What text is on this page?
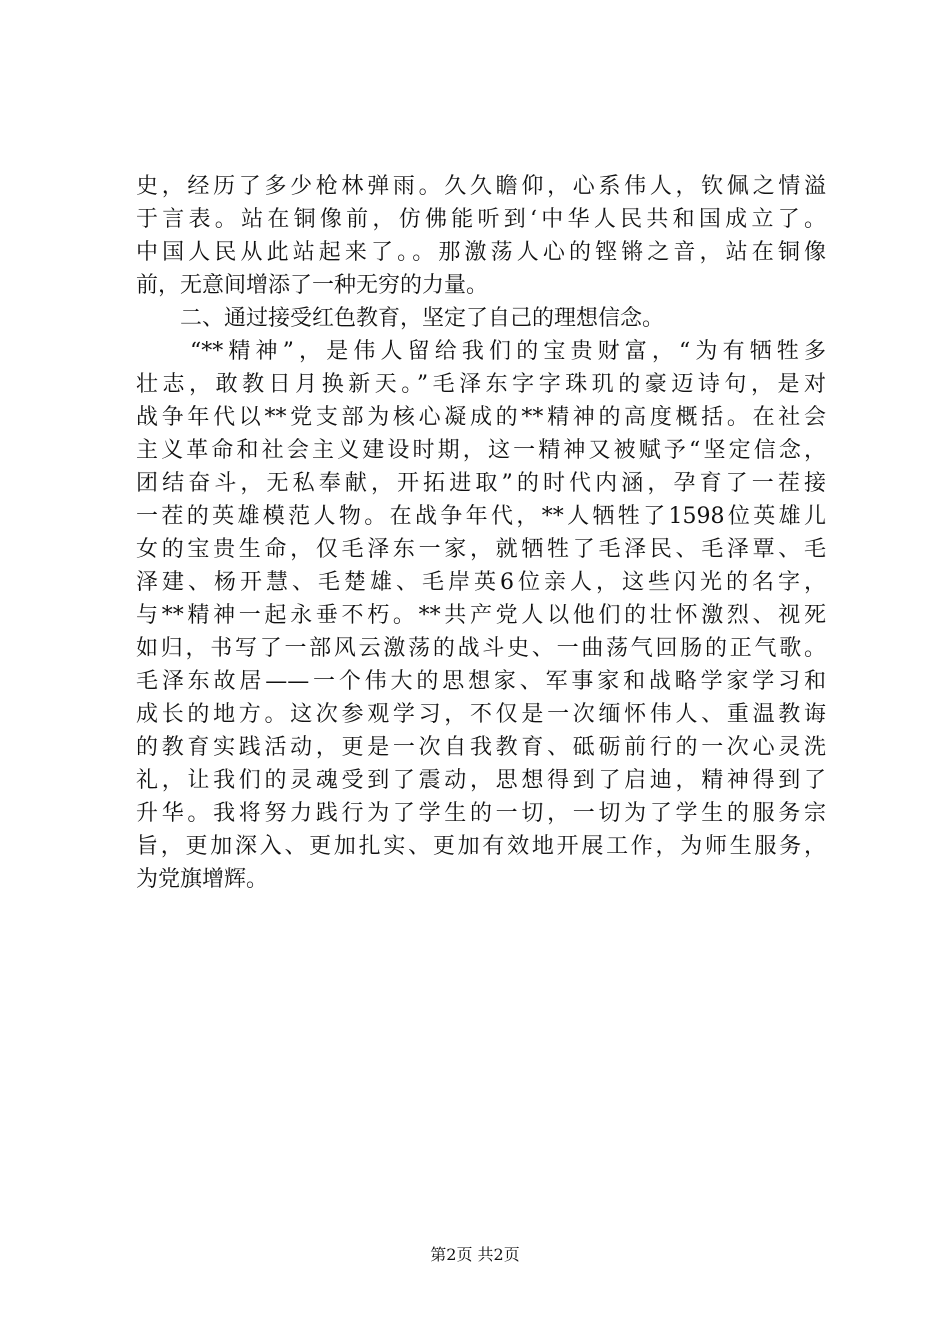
史，经历了多少枪林弹雨。久久瞻仰，心系伟人，钦佩之情溢
于言表。站在铜像前，仿佛能听到‘中华人民共和国成立了。
中国人民从此站起来了。。那激荡人心的铿锵之音，站在铜像
前，无意间增添了一种无穷的力量。
二、通过接受红色教育，坚定了自己的理想信念。
“**精神”，是伟人留给我们的宝贵财富，“为有牺牲多
壮志，敢教日月换新天。”毛泽东字字珠玑的豪迈诗句，是对
战争年代以**党支部为核心凝成的**精神的高度概括。在社会
主义革命和社会主义建设时期，这一精神又被赋予“坚定信念，
团结奋斗，无私奉献，开拓进取”的时代内涵，孕育了一茬接
一茬的英雄模范人物。在战争年代，**人牺牲了1598位英雄儿
女的宝贵生命，仅毛泽东一家，就牺牲了毛泽民、毛泽覃、毛
泽建、杨开慧、毛楚雄、毛岸英6位亲人，这些闪光的名字，
与**精神一起永垂不朽。**共产党人以他们的壮怀激烈、视死
如归，书写了一部风云激荡的战斗史、一曲荡气回肠的正气歌。
毛泽东故居——一个伟大的思想家、军事家和战略学家学习和
成长的地方。这次参观学习，不仅是一次缅怀伟人、重温教诲
的教育实践活动，更是一次自我教育、砥砺前行的一次心灵洗
礼，让我们的灵魂受到了震动，思想得到了启迪，精神得到了
升华。我将努力践行为了学生的一切，一切为了学生的服务宗
旨，更加深入、更加扎实、更加有效地开展工作，为师生服务，
为党旗增辉。
第2页 共2页
